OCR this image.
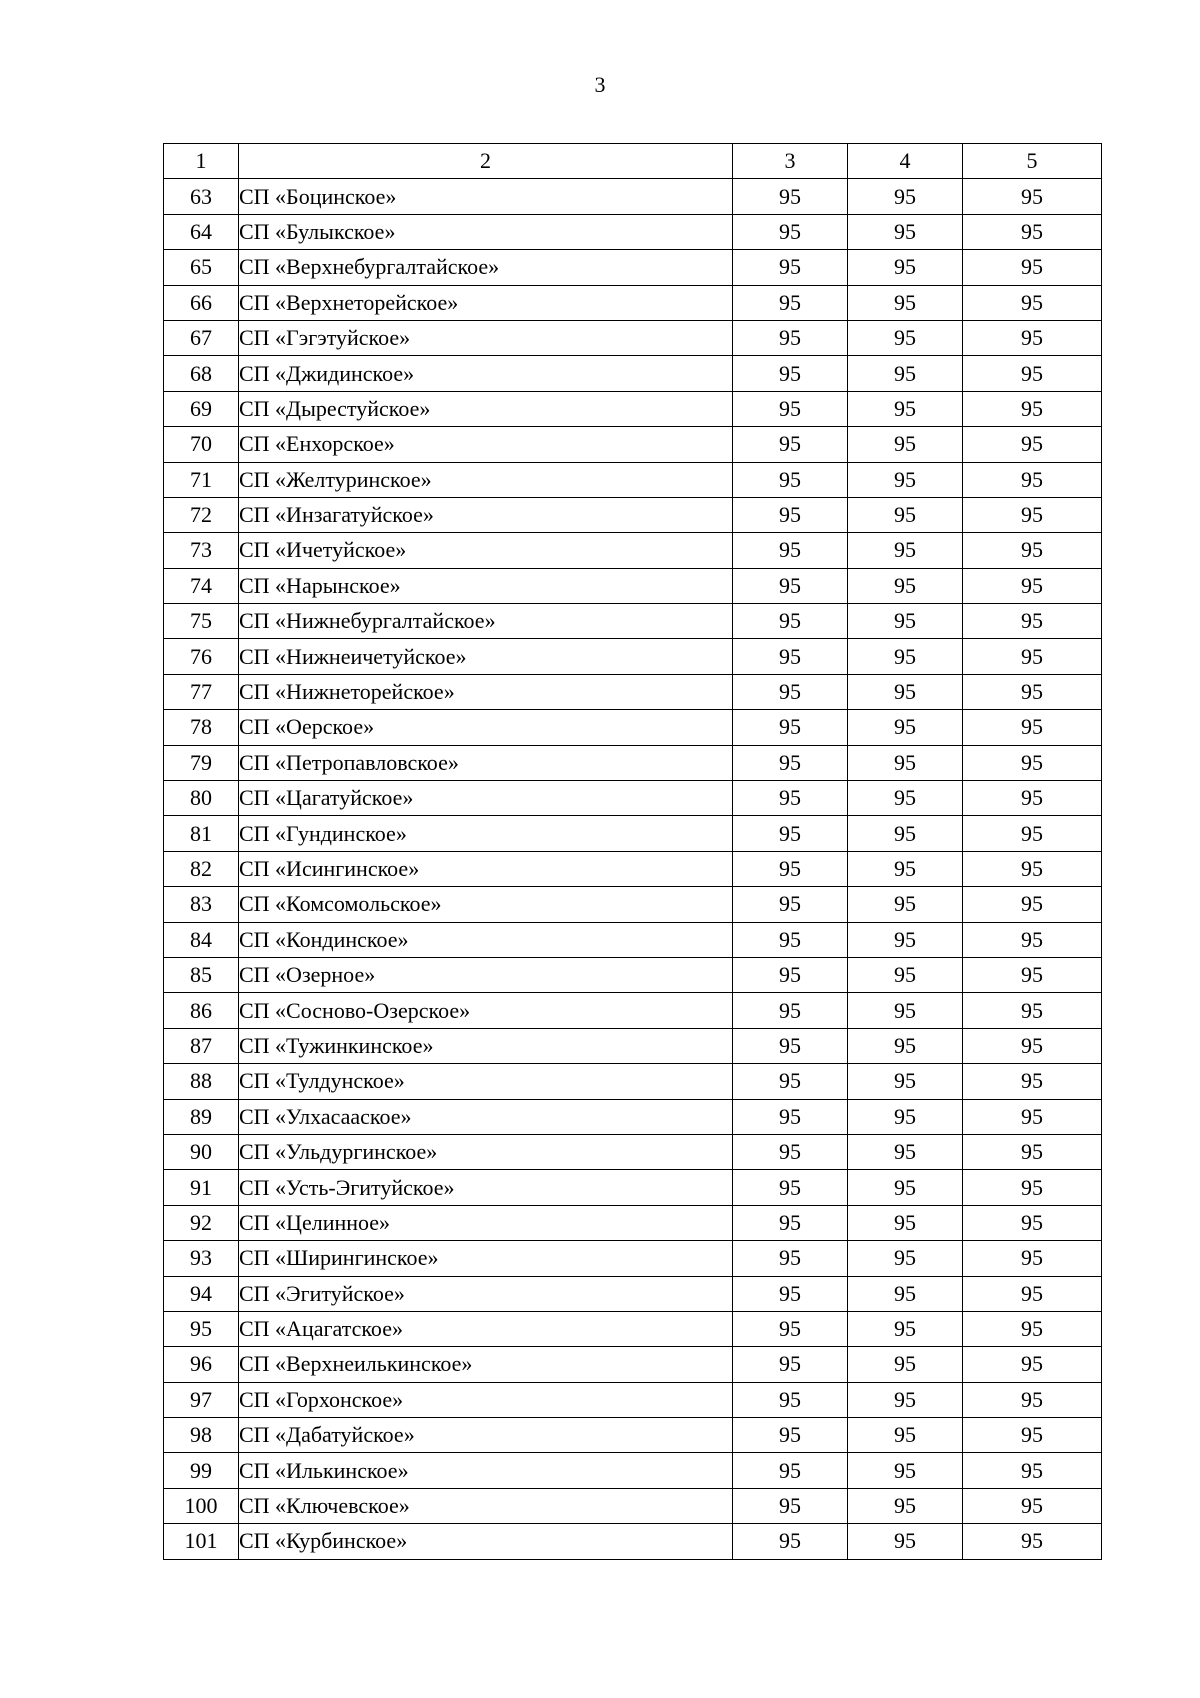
3
1	2	3	4	5
63	СП «Боцинское»	95	95	95
64	СП «Булыкское»	95	95	95
65	СП «Верхнебургалтайское»	95	95	95
66	СП «Верхнеторейское»	95	95	95
67	СП «Гэгэтуйское»	95	95	95
68	СП «Джидинское»	95	95	95
69	СП «Дырестуйское»	95	95	95
70	СП «Енхорское»	95	95	95
71	СП «Желтуринское»	95	95	95
72	СП «Инзагатуйское»	95	95	95
73	СП «Ичетуйское»	95	95	95
74	СП «Нарынское»	95	95	95
75	СП «Нижнебургалтайское»	95	95	95
76	СП «Нижнеичетуйское»	95	95	95
77	СП «Нижнеторейское»	95	95	95
78	СП «Оерское»	95	95	95
79	СП «Петропавловское»	95	95	95
80	СП «Цагатуйское»	95	95	95
81	СП «Гундинское»	95	95	95
82	СП «Исингинское»	95	95	95
83	СП «Комсомольское»	95	95	95
84	СП «Кондинское»	95	95	95
85	СП «Озерное»	95	95	95
86	СП «Сосново-Озерское»	95	95	95
87	СП «Тужинкинское»	95	95	95
88	СП «Тулдунское»	95	95	95
89	СП «Улхасаaское»	95	95	95
90	СП «Ульдургинское»	95	95	95
91	СП «Усть-Эгитуйское»	95	95	95
92	СП «Целинное»	95	95	95
93	СП «Ширингинское»	95	95	95
94	СП «Эгитуйское»	95	95	95
95	СП «Ацагатское»	95	95	95
96	СП «Верхнеилькинское»	95	95	95
97	СП «Горхонское»	95	95	95
98	СП «Дабатуйское»	95	95	95
99	СП «Илькинское»	95	95	95
100	СП «Ключевское»	95	95	95
101	СП «Курбинское»	95	95	95
